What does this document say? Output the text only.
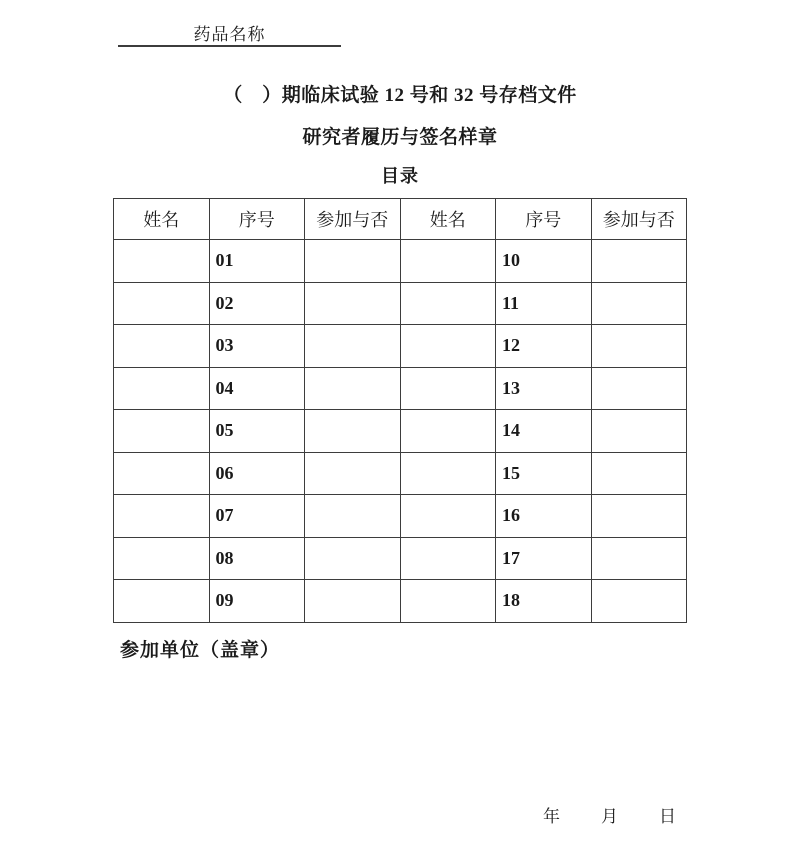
药品名称
（　）期临床试验 12 号和 32 号存档文件
研究者履历与签名样章
目录
姓名	序号	参加与否	姓名	序号	参加与否
	01			10	
	02			11	
	03			12	
	04			13	
	05			14	
	06			15	
	07			16	
	08			17	
	09			18	
参加单位（盖章）
年 月 日
